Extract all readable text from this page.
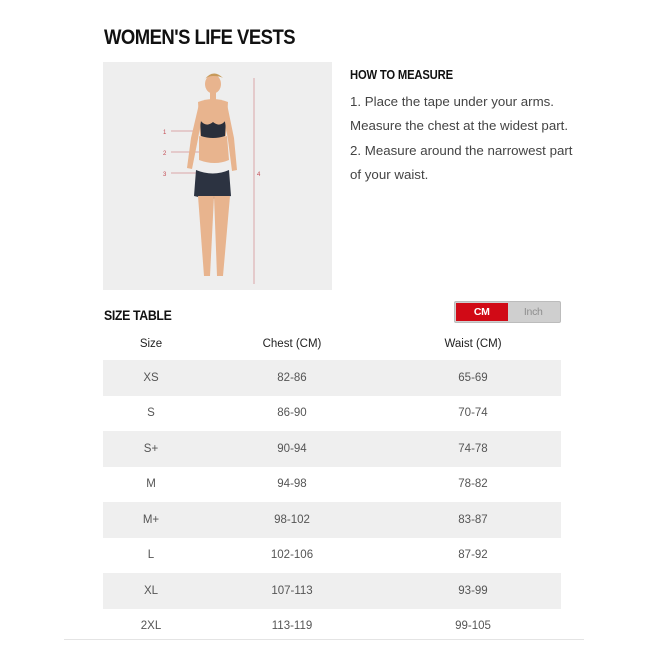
WOMEN'S LIFE VESTS
1
2
3	4
HOW TO MEASURE
1. Place the tape under your arms. Measure the chest at the widest part.
2. Measure around the narrowest part of your waist.
SIZE TABLE	CM	Inch
Size	Chest (CM)	Waist (CM)
XS	82-86	65-69
S	86-90	70-74
S+	90-94	74-78
M	94-98	78-82
M+	98-102	83-87
L	102-106	87-92
XL	107-113	93-99
2XL	113-119	99-105
